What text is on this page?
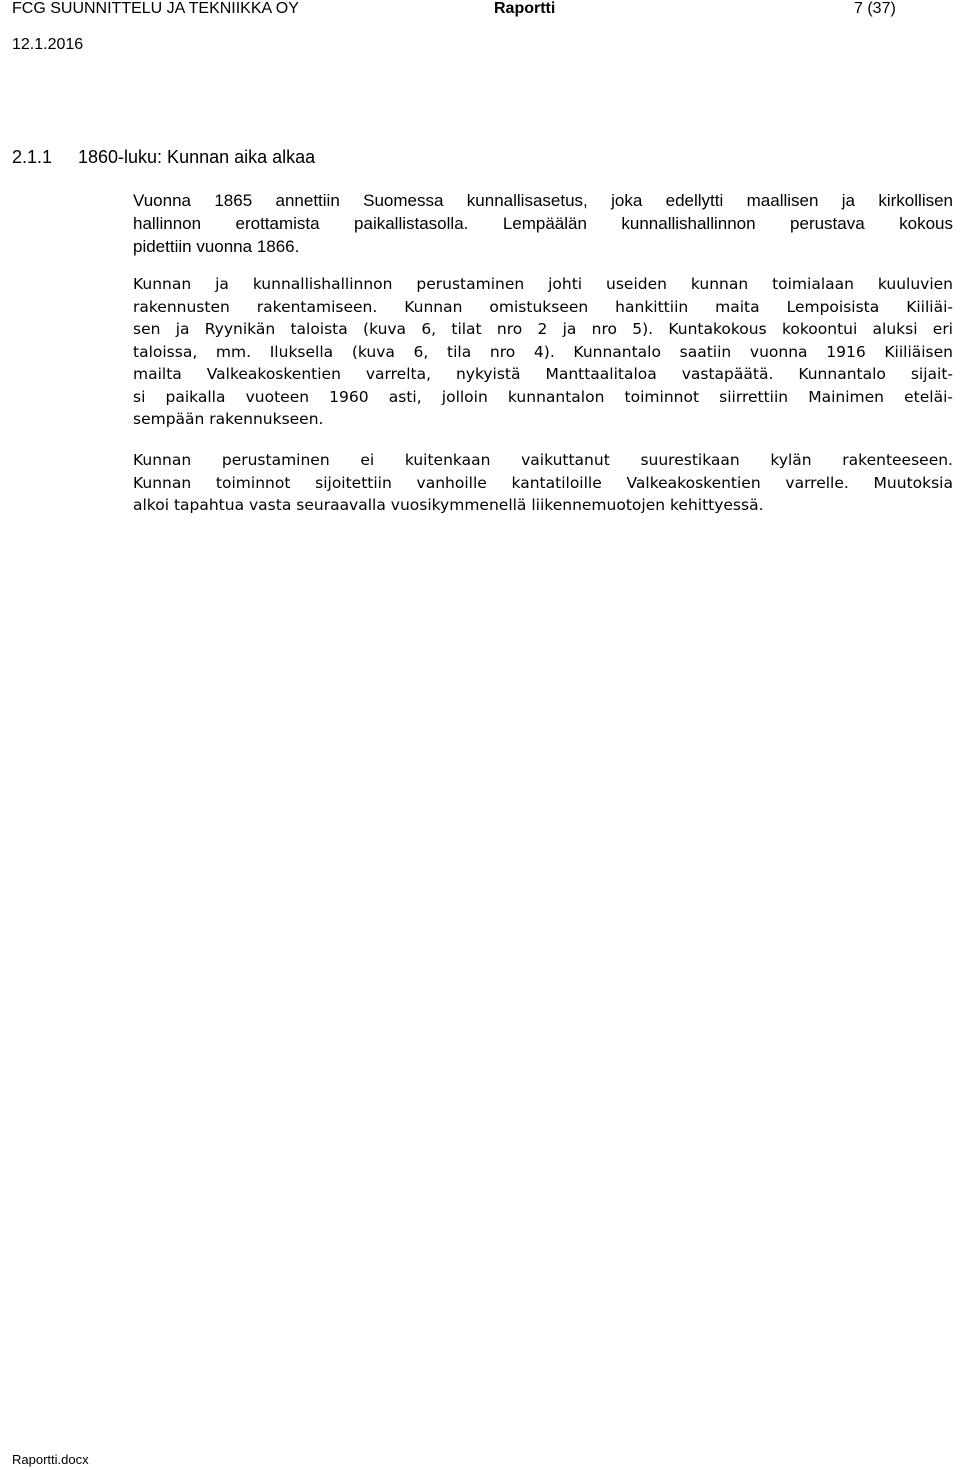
FCG SUUNNITTELU JA TEKNIIKKA OY	Raportti	7 (37)
12.1.2016
2.1.1 1860-luku: Kunnan aika alkaa
Vuonna 1865 annettiin Suomessa kunnallisasetus, joka edellytti maallisen ja kirkollisen
hallinnon erottamista paikallistasolla. Lempäälän kunnallishallinnon perustava kokous
pidettiin vuonna 1866.
Kunnan ja kunnallishallinnon perustaminen johti useiden kunnan toimialaan kuuluvien
rakennusten rakentamiseen. Kunnan omistukseen hankittiin maita Lempoisista Kiiliäi-
sen ja Ryynikän taloista (kuva 6, tilat nro 2 ja nro 5). Kuntakokous kokoontui aluksi eri
taloissa, mm. Iluksella (kuva 6, tila nro 4). Kunnantalo saatiin vuonna 1916 Kiiliäisen
mailta Valkeakoskentien varrelta, nykyistä Manttaalitaloa vastapäätä. Kunnantalo sijait-
si paikalla vuoteen 1960 asti, jolloin kunnantalon toiminnot siirrettiin Mainimen eteläi-
sempään rakennukseen.
Kunnan perustaminen ei kuitenkaan vaikuttanut suurestikaan kylän rakenteeseen.
Kunnan toiminnot sijoitettiin vanhoille kantatiloille Valkeakoskentien varrelle. Muutoksia
alkoi tapahtua vasta seuraavalla vuosikymmenellä liikennemuotojen kehittyessä.
Raportti.docx
